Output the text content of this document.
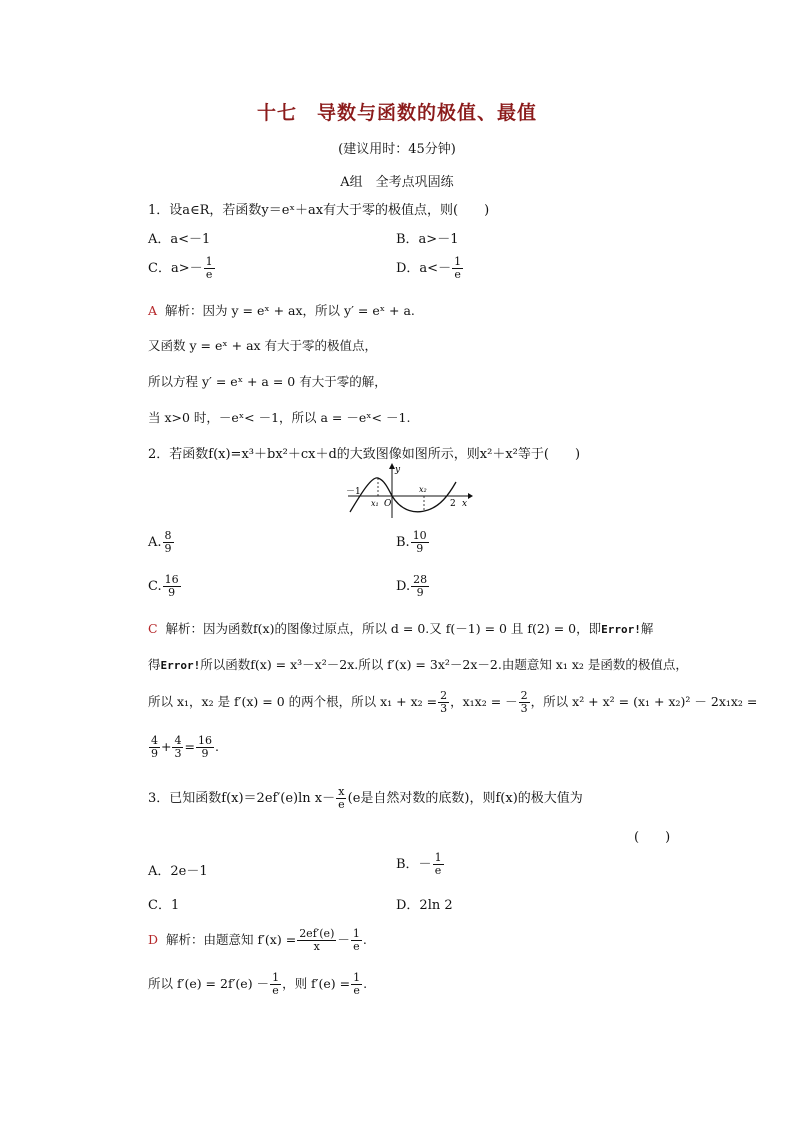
十七　导数与函数的极值、最值
(建议用时：45分钟)
A组　全考点巩固练
1．设a∈R，若函数y＝eˣ＋ax有大于零的极值点，则(　　)
A．a<－1	B．a>－1
C．$a>- \frac{1}{e}$	D．$a<- \frac{1}{e}$
A 解析：因为 y = eˣ + ax，所以 y′ = eˣ + a.
又函数 y = eˣ + ax 有大于零的极值点，
所以方程 y′ = eˣ + a = 0 有大于零的解，
当 x>0 时，－eˣ< －1，所以 a = －eˣ< －1.
2．若函数f(x)=x³＋bx²＋cx＋d的大致图像如图所示，则x²＋x²等于(　　)
y
x
－1
O
x₁
x₂
2
A. $\frac{8}{9}$	B. $\frac{10}{9}$
C. $\frac{16}{9}$	D. $\frac{28}{9}$
C 解析：因为函数f(x)的图像过原点，所以 d = 0.又 f(－1) = 0 且 f(2) = 0，即Error!解
得Error!所以函数f(x) = x³－x²－2x.所以 f′(x) = 3x²－2x－2.由题意知 x₁ x₂ 是函数的极值点，
所以 x₁，x₂ 是 f′(x) = 0 的两个根，所以 $x_1 + x_2 = \frac{2}{3}$ ，x₁x₂ = － $\frac{2}{3}$ ，所以 x² + x² = (x₁ + x₂)² － 2x₁x₂ =
$\frac{4}{9} + \frac{4}{3} = \frac{16}{9}$ .
3．已知函数f(x)＝2ef′(e)ln $x- \frac{x}{e} (e$是自然对数的底数)，则f(x)的极大值为
(　　)
A．2e－1	B．－ $\frac{1}{e}$
C．1	D．2ln 2
D 解析：由题意知 $f'(x) = \frac{2ef'(e)}{x} - \frac{1}{e}$ .
所以 $f'(e) = 2f'(e) - \frac{1}{e}$ ，则 $f'(e) = \frac{1}{e}$ .
